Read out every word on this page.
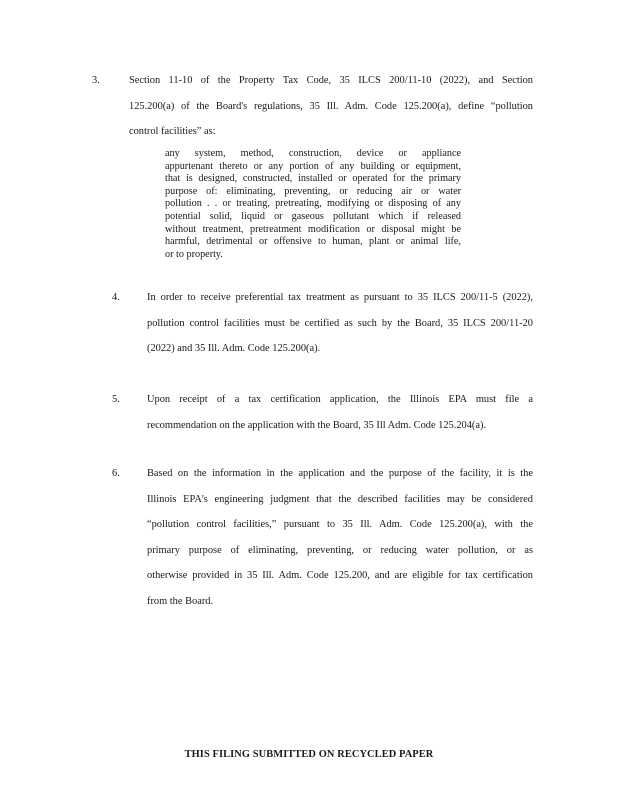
3.	Section 11-10 of the Property Tax Code, 35 ILCS 200/11-10 (2022), and Section
125.200(a) of the Board's regulations, 35 Ill. Adm. Code 125.200(a), define “pollution
control facilities” as:
any system, method, construction, device or appliance
appurtenant thereto or any portion of any building or equipment,
that is designed, constructed, installed or operated for the primary
purpose of: eliminating, preventing, or reducing air or water
pollution . . or treating, pretreating, modifying or disposing of any
potential solid, liquid or gaseous pollutant which if released
without treatment, pretreatment modification or disposal might be
harmful, detrimental or offensive to human, plant or animal life,
or to property.
4.	In order to receive preferential tax treatment as pursuant to 35 ILCS 200/11-5 (2022),
pollution control facilities must be certified as such by the Board, 35 ILCS 200/11-20
(2022) and 35 Ill. Adm. Code 125.200(a).
5.	Upon receipt of a tax certification application, the Illinois EPA must file a
recommendation on the application with the Board, 35 Ill Adm. Code 125.204(a).
6.	Based on the information in the application and the purpose of the facility, it is the
Illinois EPA's engineering judgment that the described facilities may be considered
“pollution control facilities,” pursuant to 35 Ill. Adm. Code 125.200(a), with the
primary purpose of eliminating, preventing, or reducing water pollution, or as
otherwise provided in 35 Ill. Adm. Code 125.200, and are eligible for tax certification
from the Board.
THIS FILING SUBMITTED ON RECYCLED PAPER
